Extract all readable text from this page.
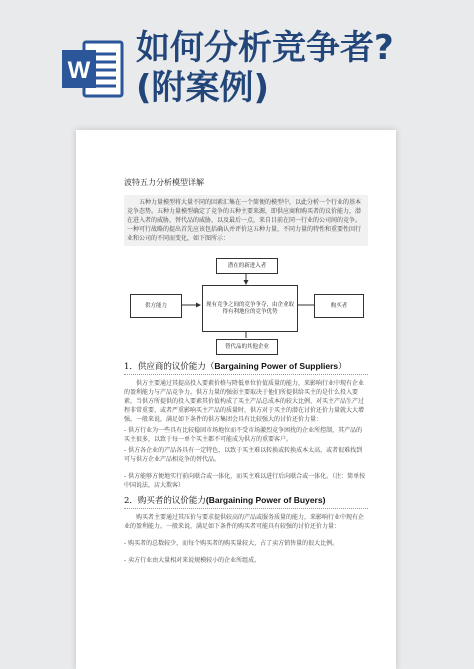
W
如何分析竞争者?
(附案例)
波特五力分析模型详解

五种力量模型将大量不同的因素汇集在一个简便的模型中，以此分析一个行业的基本竞争态势。五种力量模型确定了竞争的五种主要来源，即供应商和购买者的议价能力，潜在进入者的威胁，替代品的威胁，以及最后一点，来自目前在同一行业的公司间的竞争。一种可行战略的提出首先应该包括确认并评价这五种力量，不同力量的特性和重要性因行业和公司的不同而变化，如下图所示：

潜在的新进入者
供方能力	现有竞争之间的竞争争夺，由企业取得有利地位的竞争优势
购买者
替代品的其他企业
1．供应商的议价能力（Bargaining Power of Suppliers）

供方主要通过其提高投入要素价格与降低单位价值质量的能力，来影响行业中现有企业的盈利能力与产品竞争力。供方力量的强弱主要取决于他们所提供给买主的是什么投入要素，当供方所提供的投入要素其价值构成了买主产品总成本的较大比例、对买主产品生产过程非常重要、或者严重影响买主产品的质量时，供方对于买主的潜在讨价还价力量就大大增强。一般来说，满足如下条件的供方集团会具有比较强大的讨价还价力量：

- 供方行业为一些具有比较稳固市场地位而不受市场激烈竞争困扰的企业所控制，其产品的买主很多，以致于每一单个买主都不可能成为供方的重要客户。

- 供方各企业的产品各具有一定特色，以致于买主难以转换或转换成本太高，或者很难找到可与供方企业产品相竞争的替代品。

- 供方能够方便地实行前向联合或一体化，而买主难以进行后向联合或一体化。（注：简单按中国说法，店大欺客）

2．购买者的议价能力(Bargaining Power of Buyers)

购买者主要通过其压价与要求提供较高的产品或服务质量的能力，来影响行业中现有企业的盈利能力。一般来说，满足如下条件的购买者可能具有较强的讨价还价力量：

- 购买者的总数较少，而每个购买者的购买量较大，占了卖方销售量的很大比例。

- 卖方行业由大量相对来说规模较小的企业所组成。
